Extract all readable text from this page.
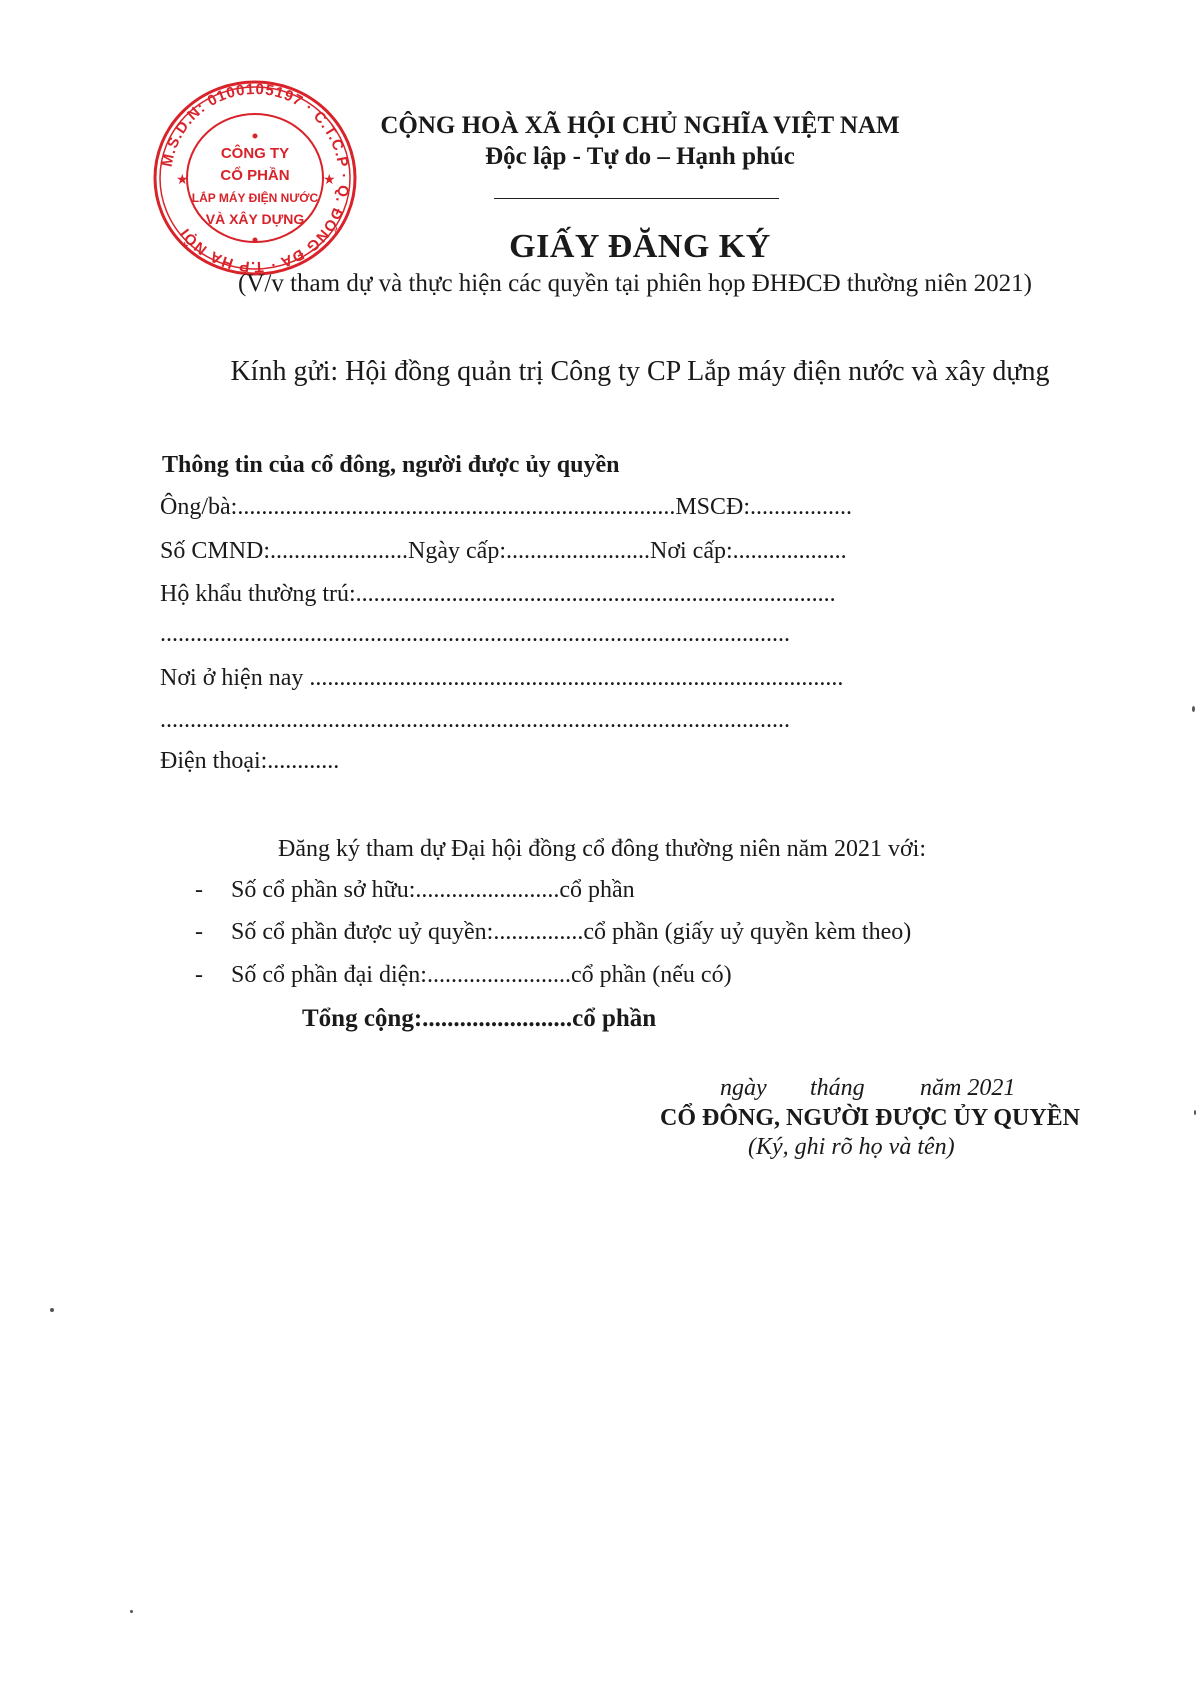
M.S.D.N: 0100105197 · C.T.C.P · Q. ĐỐNG ĐA · T.P HÀ NỘI
★	★
CÔNG TY
CỔ PHẦN
LẮP MÁY ĐIỆN NƯỚC
VÀ XÂY DỰNG
CỘNG HOÀ XÃ HỘI CHỦ NGHĨA VIỆT NAM
Độc lập - Tự do – Hạnh phúc
GIẤY ĐĂNG KÝ
(V/v tham dự và thực hiện các quyền tại phiên họp ĐHĐCĐ thường niên 2021)
Kính gửi: Hội đồng quản trị Công ty CP Lắp máy điện nước và xây dựng
Thông tin của cổ đông, người được ủy quyền
Ông/bà:.........................................................................MSCĐ:.................
Số CMND:.......................Ngày cấp:........................Nơi cấp:...................
Hộ khẩu thường trú:................................................................................
.........................................................................................................
Nơi ở hiện nay .........................................................................................
.........................................................................................................
Điện thoại:............
Đăng ký tham dự Đại hội đồng cổ đông thường niên năm 2021 với:
- Số cổ phần sở hữu:........................cổ phần
- Số cổ phần được uỷ quyền:...............cổ phần (giấy uỷ quyền kèm theo)
- Số cổ phần đại diện:........................cổ phần (nếu có)
Tổng cộng:........................cổ phần
ngày tháng năm 2021
CỔ ĐÔNG, NGƯỜI ĐƯỢC ỦY QUYỀN
(Ký, ghi rõ họ và tên)
